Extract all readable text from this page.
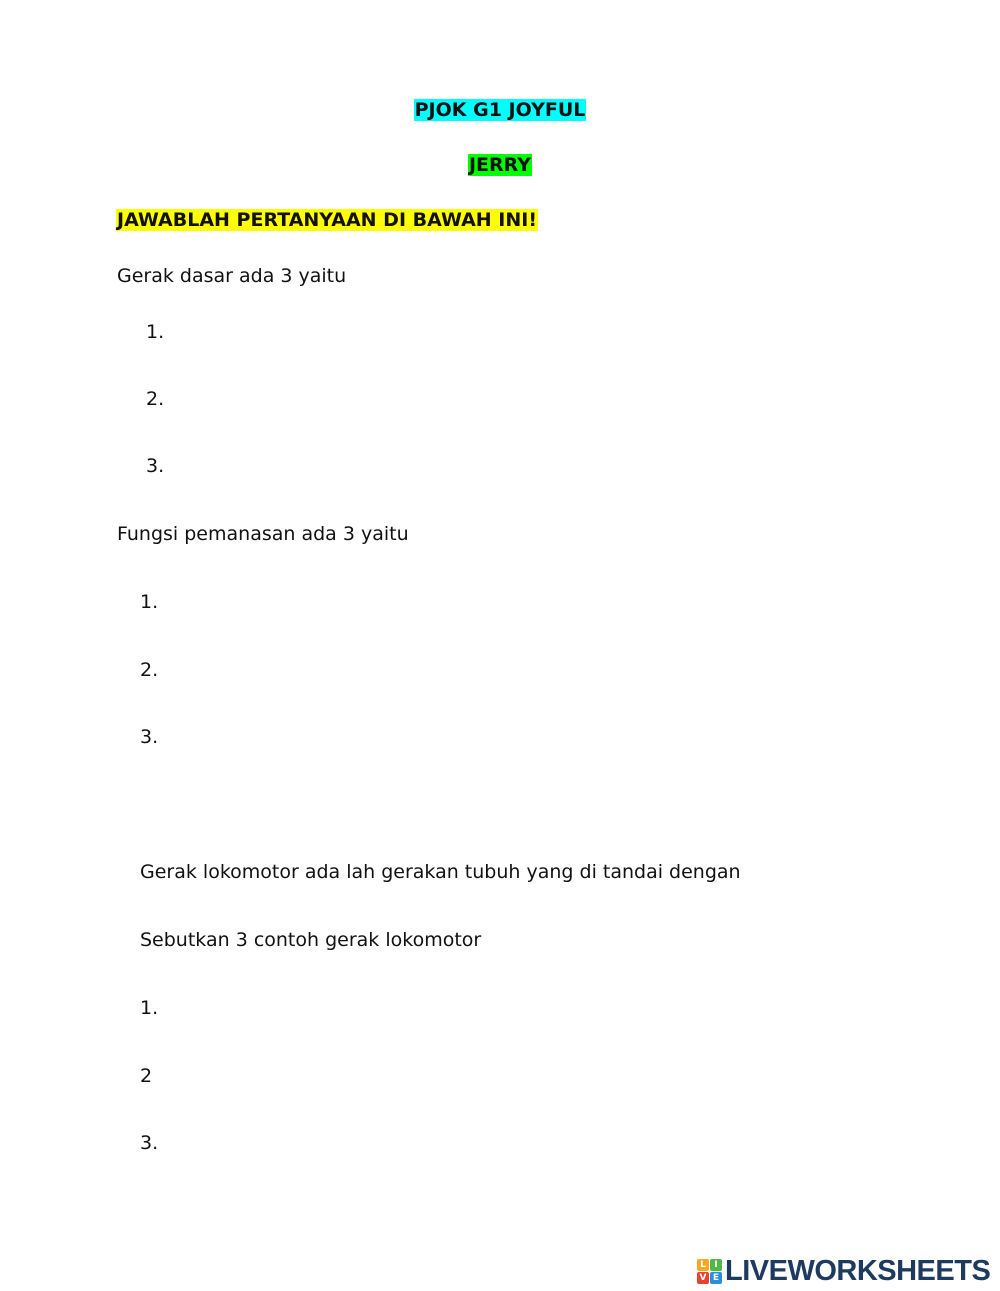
PJOK G1 JOYFUL
JERRY
JAWABLAH PERTANYAAN DI BAWAH INI!
Gerak dasar ada 3 yaitu
1.
2.
3.
Fungsi pemanasan ada 3 yaitu
1.
2.
3.
Gerak lokomotor ada lah gerakan tubuh yang di tandai dengan
Sebutkan 3 contoh gerak lokomotor
1.
2
3.
L I
V E LIVEWORKSHEETS
